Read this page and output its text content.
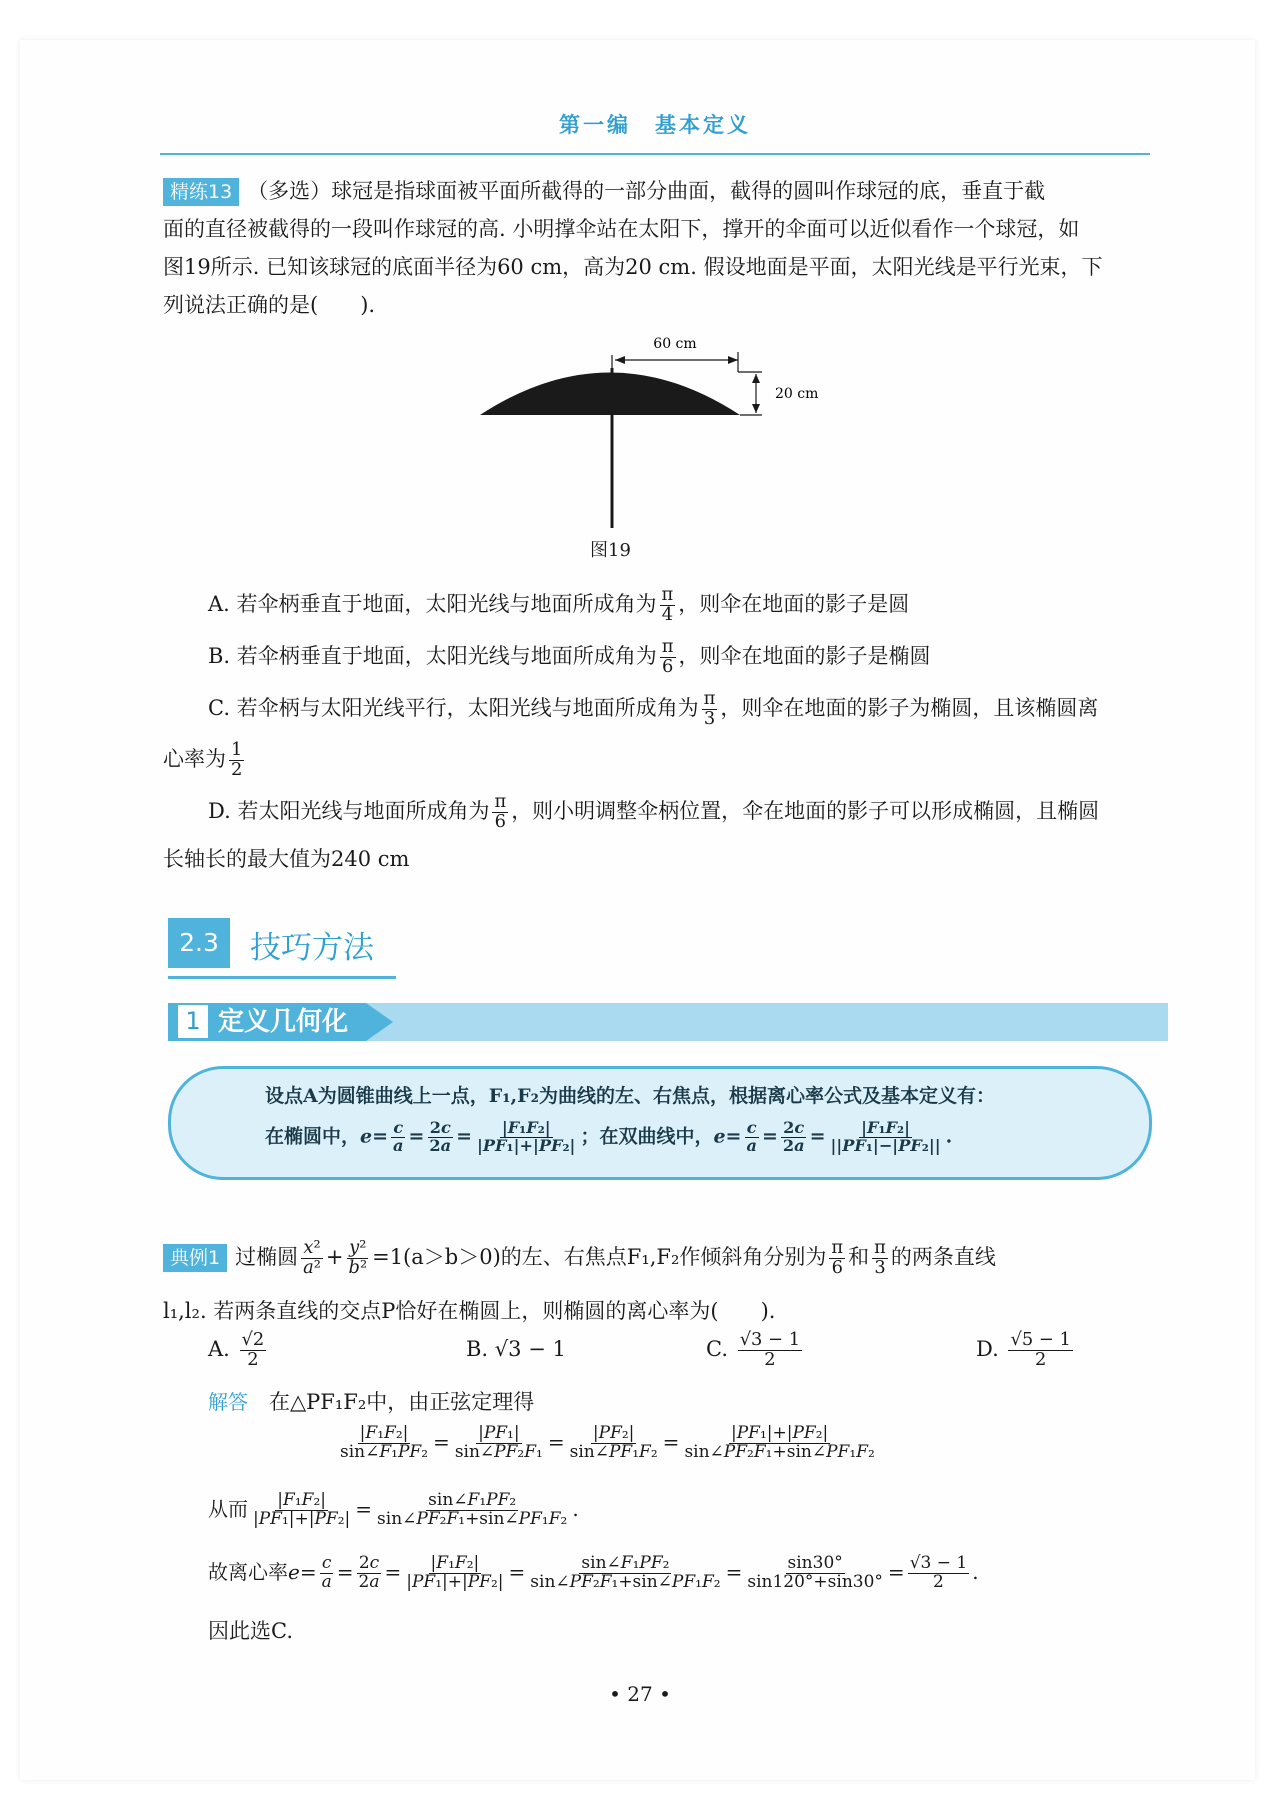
第一编　基本定义
精练13 （多选）球冠是指球面被平面所截得的一部分曲面，截得的圆叫作球冠的底，垂直于截
面的直径被截得的一段叫作球冠的高. 小明撑伞站在太阳下，撑开的伞面可以近似看作一个球冠，如
图19所示. 已知该球冠的底面半径为60 cm，高为20 cm. 假设地面是平面，太阳光线是平行光束，下
列说法正确的是(　　).
60 cm
20 cm
图19
A. 若伞柄垂直于地面，太阳光线与地面所成角为 $\frac{\pi}{4}$ ，则伞在地面的影子是圆
B. 若伞柄垂直于地面，太阳光线与地面所成角为 $\frac{\pi}{6}$ ，则伞在地面的影子是椭圆
C. 若伞柄与太阳光线平行，太阳光线与地面所成角为 $\frac{\pi}{3}$ ，则伞在地面的影子为椭圆，且该椭圆离
心率为 $\frac{1}{2}$
D. 若太阳光线与地面所成角为 $\frac{\pi}{6}$ ，则小明调整伞柄位置，伞在地面的影子可以形成椭圆，且椭圆
长轴长的最大值为240 cm
2.3	技巧方法
1 定义几何化
设点A为圆锥曲线上一点，F₁,F₂为曲线的左、右焦点，根据离心率公式及基本定义有：
在椭圆中，$e= \frac{c}{a} = \frac{2c}{2a} = \frac{\text{|F₁F₂|}}{\text{|PF₁|+|PF₂|}}$ ；在双曲线中，$e= \frac{c}{a} = \frac{2c}{2a} = \frac{\text{|F₁F₂|}}{\text{||PF₁|−|PF₂||}}$ .
典例1 过椭圆 $\frac{\text{x²}}{\text{a²}} + \frac{\text{y²}}{\text{b²}} =1(a>b>0)$的左、右焦点F₁,F₂作倾斜角分别为 $\frac{\pi}{6}$ 和 $\frac{\pi}{3}$ 的两条直线
l₁,l₂. 若两条直线的交点P恰好在椭圆上，则椭圆的离心率为(　　).
A. $\frac{√2}{2}$	B. √3 − 1	C. $\frac{√3 - 1}{2}$	D. $\frac{√5 - 1}{2}$
解答　 在△PF₁F₂中，由正弦定理得
$\frac{\text{|F₁F₂|}}{\text{sin∠F₁PF₂}} = \frac{\text{|PF₁|}}{\text{sin∠PF₂F₁}} = \frac{\text{|PF₂|}}{\text{sin∠PF₁F₂}} = \frac{\text{|PF₁|+|PF₂|}}{\text{sin∠PF₂F₁+sin∠PF₁F₂}}$
从而 $\frac{\text{|F₁F₂|}}{\text{|PF₁|+|PF₂|}} = \frac{\text{sin∠F₁PF₂}}{\text{sin∠PF₂F₁+sin∠PF₁F₂}}$ .
故离心率$e= \frac{c}{a} = \frac{2c}{2a} = \frac{\text{|F₁F₂|}}{\text{|PF₁|+|PF₂|}} = \frac{\text{sin∠F₁PF₂}}{\text{sin∠PF₂F₁+sin∠PF₁F₂}} = \frac{\sin 30^\circ}{\sin 120^\circ+\sin 30^\circ} = \frac{√3 - 1}{2}$ .
因此选C.
• 27 •
